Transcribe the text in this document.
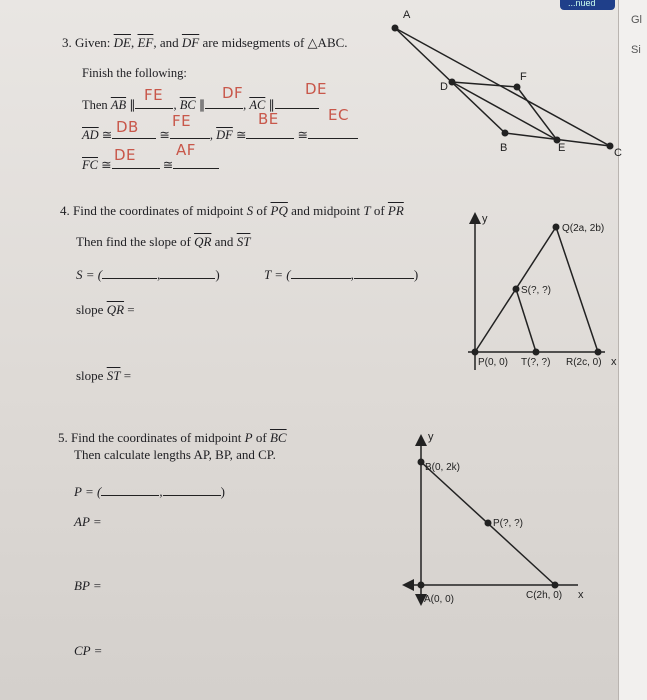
Gl
Si
...nued
A
D
F
B	E	C
y
Q(2a, 2b)
S(?, ?)
P(0, 0) T(?, ?) R(2c, 0) x
y
B(0, 2k)
P(?, ?)
A(0, 0)	C(2h, 0) x
3. Given: $\overline{DE}$, $\overline{EF}$, and $\overline{DF}$ are midsegments of △ABC.
Finish the following:
Then $\overline{AB}$ ∥	, $\overline{BC}$ ∥	, $\overline{AC}$ ∥
FE	DF	DE
$\overline{AD}$ ≅	≅	, $\overline{DF}$ ≅	≅
DB FE	BE	EC
$\overline{FC}$ ≅	≅
DE	AF
4. Find the coordinates of midpoint S of $\overline{PQ}$ and midpoint T of $\overline{PR}$
Then find the slope of $\overline{QR}$ and $\overline{ST}$
S = (	,	)	T = (	,	)
slope $\overline{QR}$ =
slope $\overline{ST}$ =
5. Find the coordinates of midpoint P of $\overline{BC}$
Then calculate lengths AP, BP, and CP.
P = (	,	)
AP =
BP =
CP =
